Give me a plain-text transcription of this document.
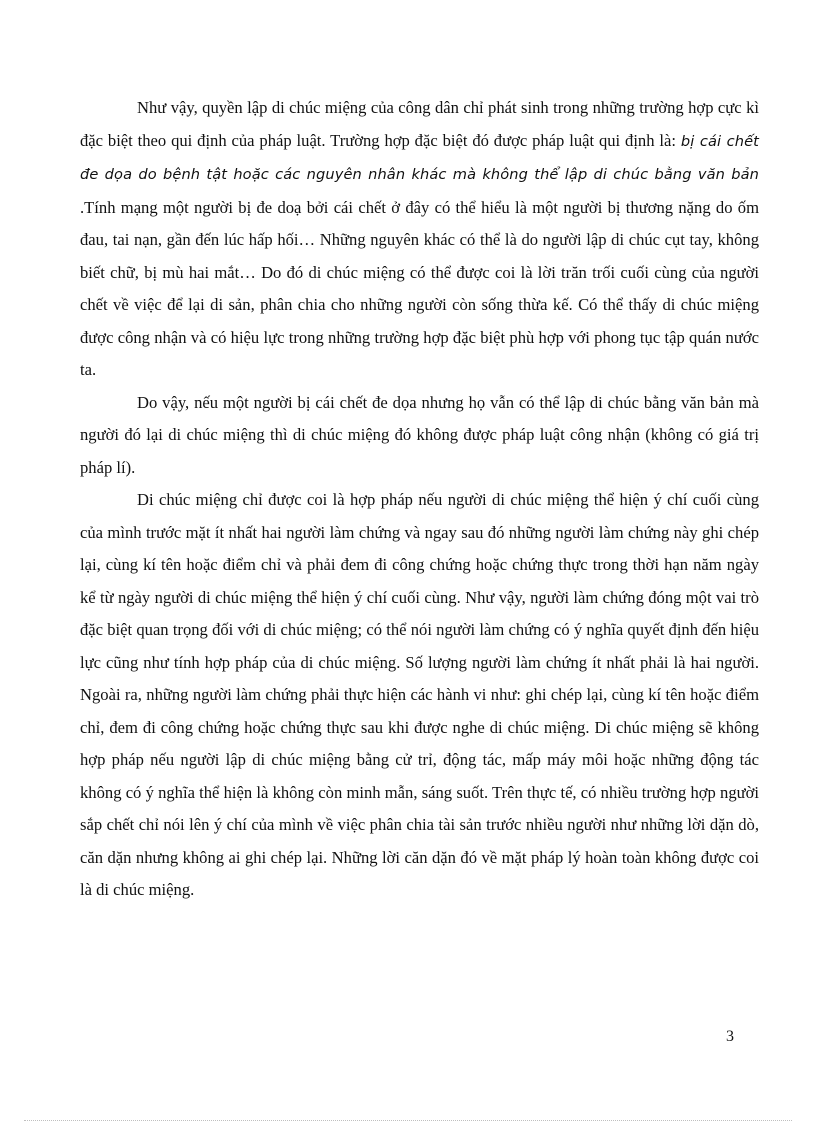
Như vậy, quyền lập di chúc miệng của công dân chỉ phát sinh trong những trường hợp cực kì đặc biệt theo qui định của pháp luật. Trường hợp đặc biệt đó được pháp luật qui định là: bị cái chết đe dọa do bệnh tật hoặc các nguyên nhân khác mà không thể lập di chúc bằng văn bản .Tính mạng một người bị đe doạ bởi cái chết ở đây có thể hiểu là một người bị thương nặng do ốm đau, tai nạn, gần đến lúc hấp hối… Những nguyên khác có thể là do người lập di chúc cụt tay, không biết chữ, bị mù hai mắt… Do đó di chúc miệng có thể được coi là lời trăn trối cuối cùng của người chết về việc để lại di sản, phân chia cho những người còn sống thừa kế. Có thể thấy di chúc miệng được công nhận và có hiệu lực trong những trường hợp đặc biệt phù hợp với phong tục tập quán nước ta.

Do vậy, nếu một người bị cái chết đe dọa nhưng họ vẫn có thể lập di chúc bằng văn bản mà người đó lại di chúc miệng thì di chúc miệng đó không được pháp luật công nhận (không có giá trị pháp lí).

Di chúc miệng chỉ được coi là hợp pháp nếu người di chúc miệng thể hiện ý chí cuối cùng của mình trước mặt ít nhất hai người làm chứng và ngay sau đó những người làm chứng này ghi chép lại, cùng kí tên hoặc điểm chỉ và phải đem đi công chứng hoặc chứng thực trong thời hạn năm ngày kể từ ngày người di chúc miệng thể hiện ý chí cuối cùng. Như vậy, người làm chứng đóng một vai trò đặc biệt quan trọng đối với di chúc miệng; có thể nói người làm chứng có ý nghĩa quyết định đến hiệu lực cũng như tính hợp pháp của di chúc miệng. Số lượng người làm chứng ít nhất phải là hai người. Ngoài ra, những người làm chứng phải thực hiện các hành vi như: ghi chép lại, cùng kí tên hoặc điểm chỉ, đem đi công chứng hoặc chứng thực sau khi được nghe di chúc miệng. Di chúc miệng sẽ không hợp pháp nếu người lập di chúc miệng bằng cử trỉ, động tác, mấp máy môi hoặc những động tác không có ý nghĩa thể hiện là không còn minh mẫn, sáng suốt. Trên thực tế, có nhiều trường hợp người sắp chết chỉ nói lên ý chí của mình về việc phân chia tài sản trước nhiều người như những lời dặn dò, căn dặn nhưng không ai ghi chép lại. Những lời căn dặn đó về mặt pháp lý hoàn toàn không được coi là di chúc miệng.

3
